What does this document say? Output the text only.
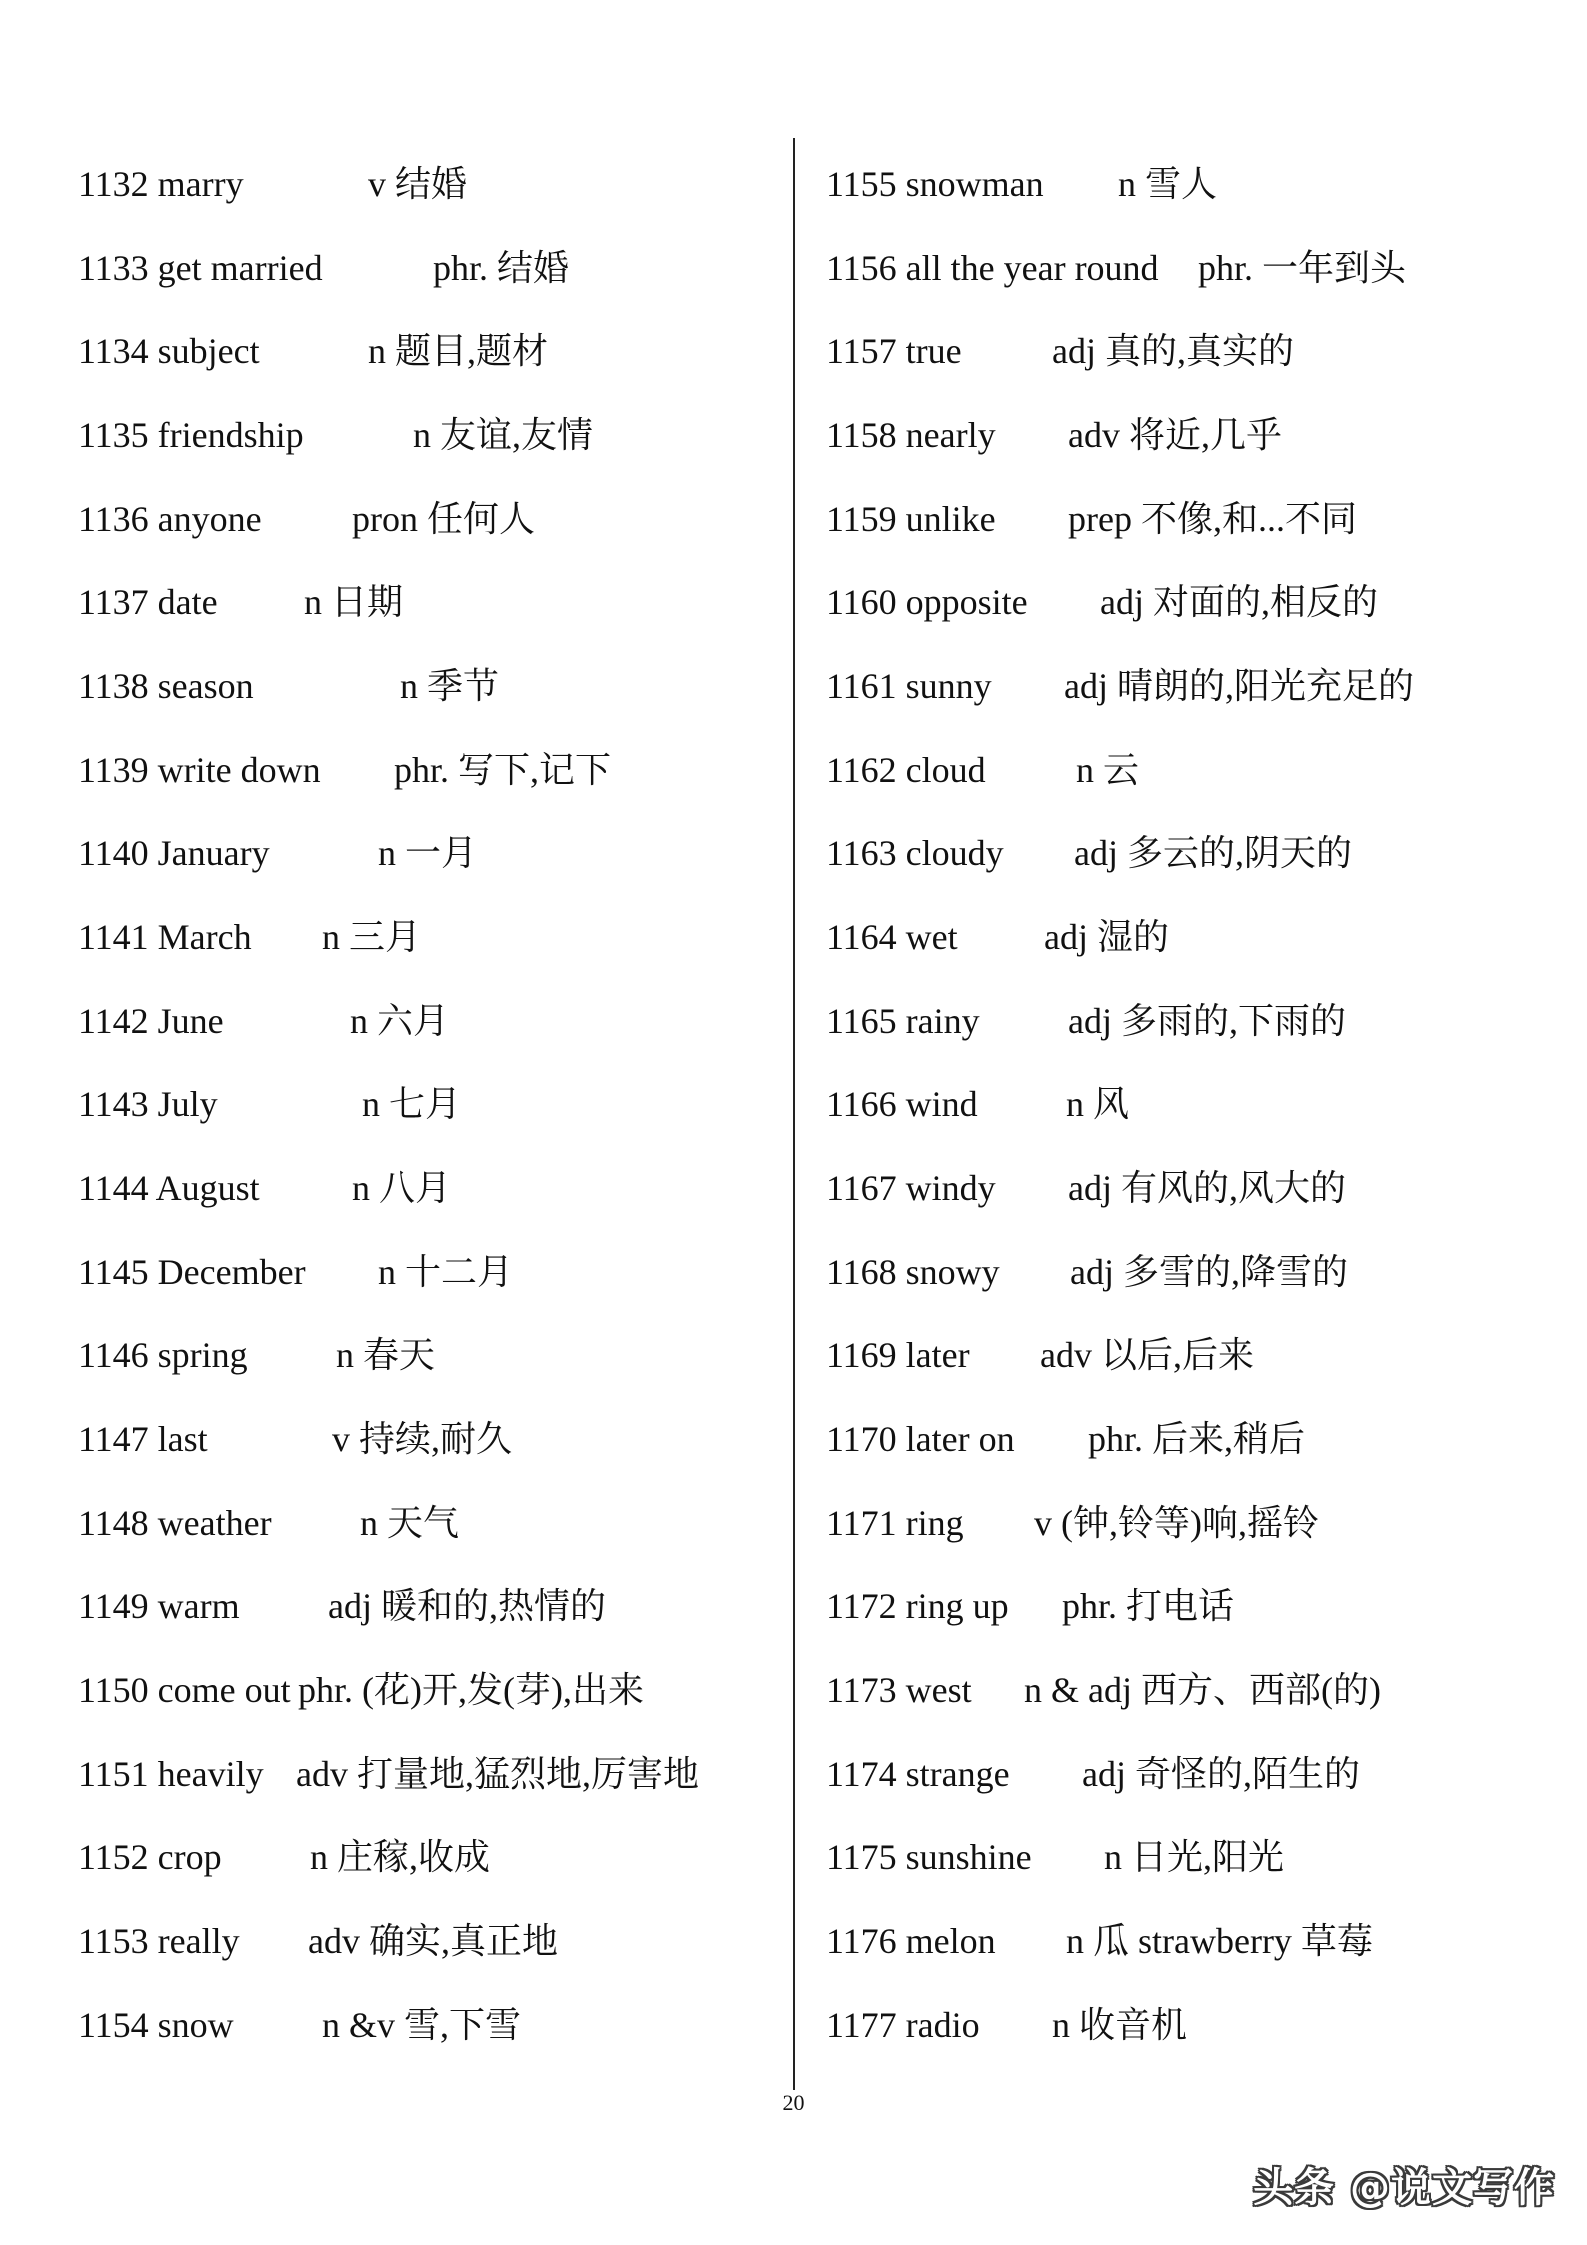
1132 marry	v 结婚
1133 get married	phr. 结婚
1134 subject	n 题目,题材
1135 friendship	n 友谊,友情
1136 anyone	pron 任何人
1137 date n 日期
1138 season	n 季节
1139 write down phr. 写下,记下
1140 January	n 一月
1141 March n 三月
1142 June	n 六月
1143 July	n 七月
1144 August	n 八月
1145 December n 十二月
1146 spring n 春天
1147 last	v 持续,耐久
1148 weather n 天气
1149 warm adj 暖和的,热情的
1150 come out phr. (花)开,发(芽),出来
1151 heavily adv 打量地,猛烈地,厉害地
1152 crop n 庄稼,收成
1153 really adv 确实,真正地
1154 snow n &v 雪,下雪
1155 snowman n 雪人
1156 all the year round phr. 一年到头
1157 true	adj 真的,真实的
1158 nearly adv 将近,几乎
1159 unlike prep 不像,和...不同
1160 opposite adj 对面的,相反的
1161 sunny adj 晴朗的,阳光充足的
1162 cloud	n 云
1163 cloudy adj 多云的,阴天的
1164 wet adj 湿的
1165 rainy adj 多雨的,下雨的
1166 wind n 风
1167 windy adj 有风的,风大的
1168 snowy adj 多雪的,降雪的
1169 later adv 以后,后来
1170 later on phr. 后来,稍后
1171 ring v (钟,铃等)响,摇铃
1172 ring up phr. 打电话
1173 west n & adj 西方、西部(的)
1174 strange adj 奇怪的,陌生的
1175 sunshine n 日光,阳光
1176 melon n 瓜 strawberry 草莓
1177 radio n 收音机
20
头条 @说文写作
